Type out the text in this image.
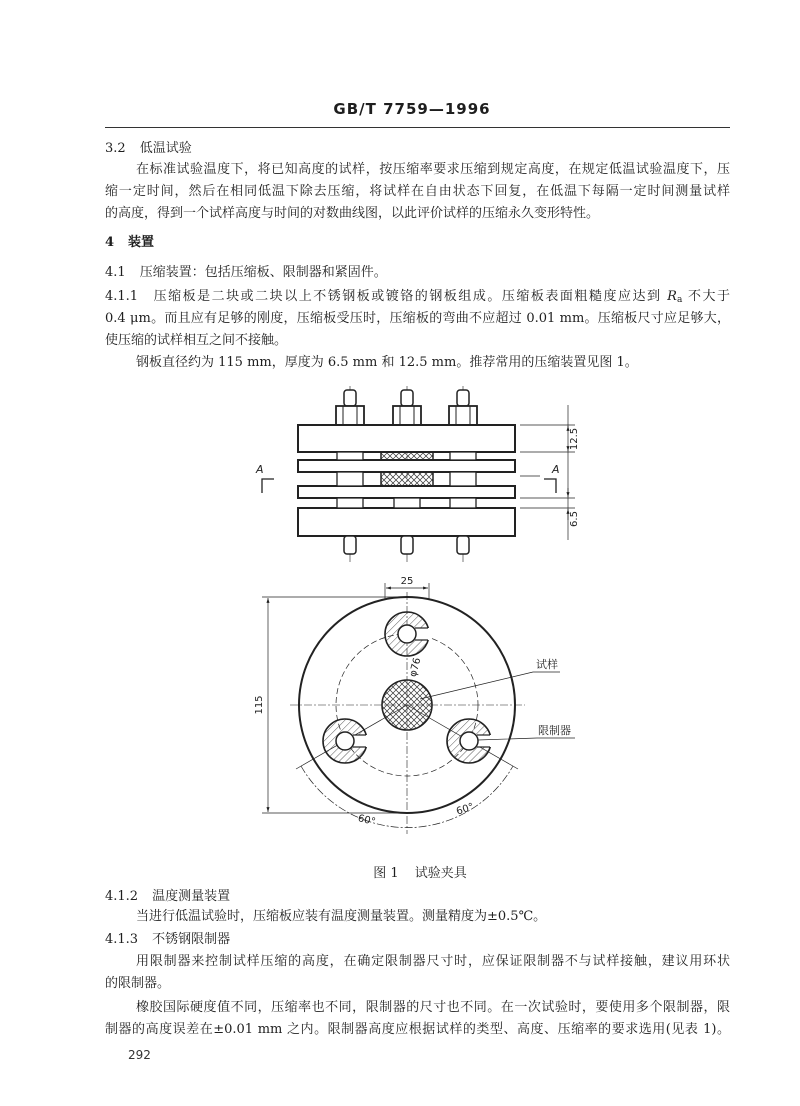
GB/T 7759—1996
3.2 低温试验
在标准试验温度下，将已知高度的试样，按压缩率要求压缩到规定高度，在规定低温试验温度下，压
缩一定时间，然后在相同低温下除去压缩，将试样在自由状态下回复，在低温下每隔一定时间测量试样
的高度，得到一个试样高度与时间的对数曲线图，以此评价试样的压缩永久变形特性。
4 装置
4.1 压缩装置：包括压缩板、限制器和紧固件。
4.1.1 压缩板是二块或二块以上不锈钢板或镀铬的钢板组成。压缩板表面粗糙度应达到 $R_a$ 不大于
0.4 μm。而且应有足够的刚度，压缩板受压时，压缩板的弯曲不应超过 0.01 mm。压缩板尺寸应足够大，
使压缩的试样相互之间不接触。
钢板直径约为 115 mm，厚度为 6.5 mm 和 12.5 mm。推荐常用的压缩装置见图 1。
12.5
6.5
A	A
25
115
φ76	试样
限制器
60°
60°
图 1 试验夹具
4.1.2 温度测量装置
当进行低温试验时，压缩板应装有温度测量装置。测量精度为±0.5℃。
4.1.3 不锈钢限制器
用限制器来控制试样压缩的高度，在确定限制器尺寸时，应保证限制器不与试样接触，建议用环状
的限制器。
橡胶国际硬度值不同，压缩率也不同，限制器的尺寸也不同。在一次试验时，要使用多个限制器，限
制器的高度误差在±0.01 mm 之内。限制器高度应根据试样的类型、高度、压缩率的要求选用(见表 1)。
292
